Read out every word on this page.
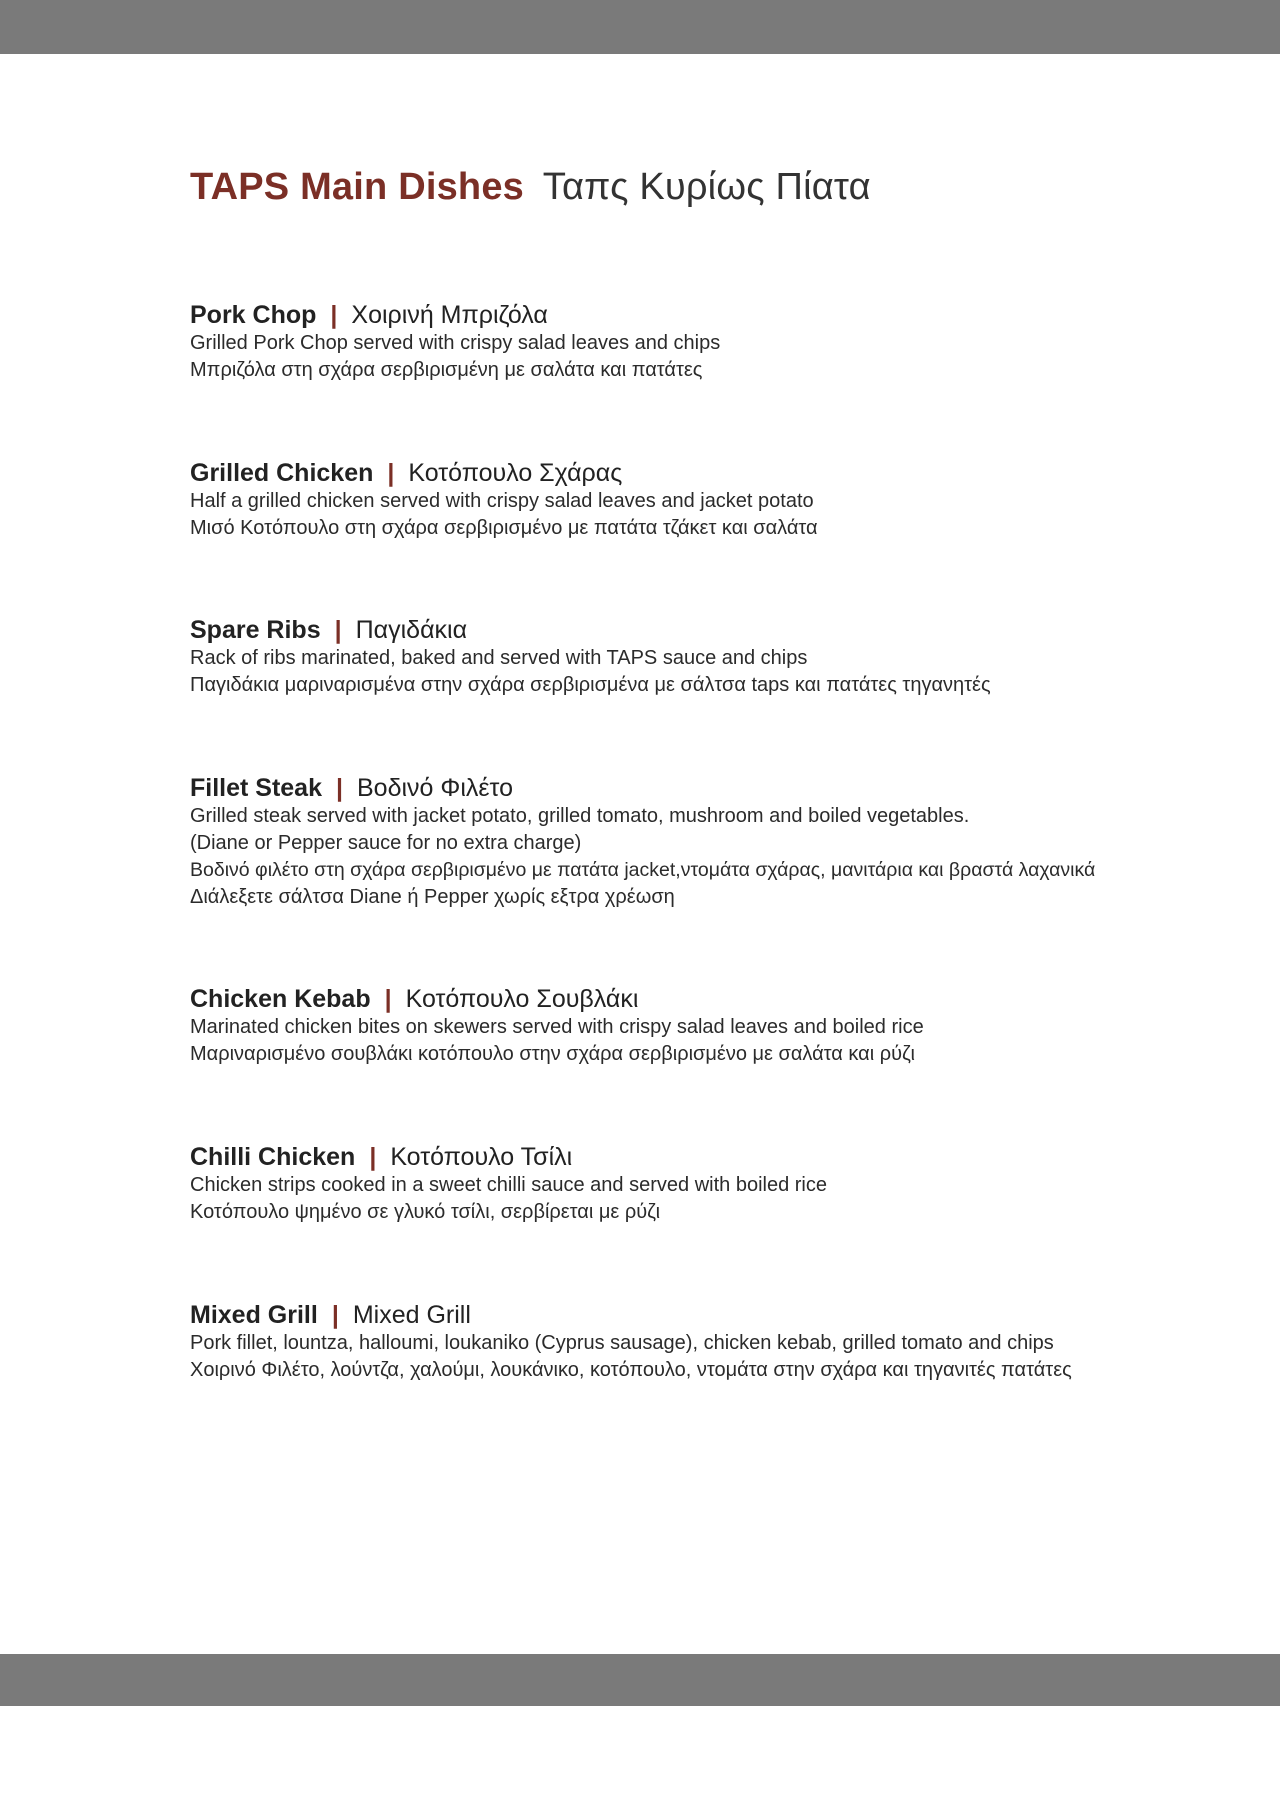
TAPS Main Dishes Ταπς Κυρίως Πίατα
Pork Chop | Χοιρινή Μπριζόλα
Grilled Pork Chop served with crispy salad leaves and chips
Μπριζόλα στη σχάρα σερβιρισμένη με σαλάτα και πατάτες
Grilled Chicken | Κοτόπουλο Σχάρας
Half a grilled chicken served with crispy salad leaves and jacket potato
Μισό Κοτόπουλο στη σχάρα σερβιρισμένο με πατάτα τζάκετ και σαλάτα
Spare Ribs | Παγιδάκια
Rack of ribs marinated, baked and served with TAPS sauce and chips
Παγιδάκια μαριναρισμένα στην σχάρα σερβιρισμένα με σάλτσα taps και πατάτες τηγανητές
Fillet Steak | Βοδινό Φιλέτο
Grilled steak served with jacket potato, grilled tomato, mushroom and boiled vegetables.
(Diane or Pepper sauce for no extra charge)
Βοδινό φιλέτο στη σχάρα σερβιρισμένο με πατάτα jacket,ντομάτα σχάρας, μανιτάρια και βραστά λαχανικά
Διάλεξετε σάλτσα Diane ή Pepper χωρίς εξτρα χρέωση
Chicken Kebab | Κοτόπουλο Σουβλάκι
Marinated chicken bites on skewers served with crispy salad leaves and boiled rice
Μαριναρισμένο σουβλάκι κοτόπουλο στην σχάρα σερβιρισμένο με σαλάτα και ρύζι
Chilli Chicken | Κοτόπουλο Τσίλι
Chicken strips cooked in a sweet chilli sauce and served with boiled rice
Κοτόπουλο ψημένο σε γλυκό τσίλι, σερβίρεται με ρύζι
Mixed Grill | Mixed Grill
Pork fillet, lountza, halloumi, loukaniko (Cyprus sausage), chicken kebab, grilled tomato and chips
Χοιρινό Φιλέτο, λούντζα, χαλούμι, λουκάνικο, κοτόπουλο, ντομάτα στην σχάρα και τηγανιτές πατάτες
